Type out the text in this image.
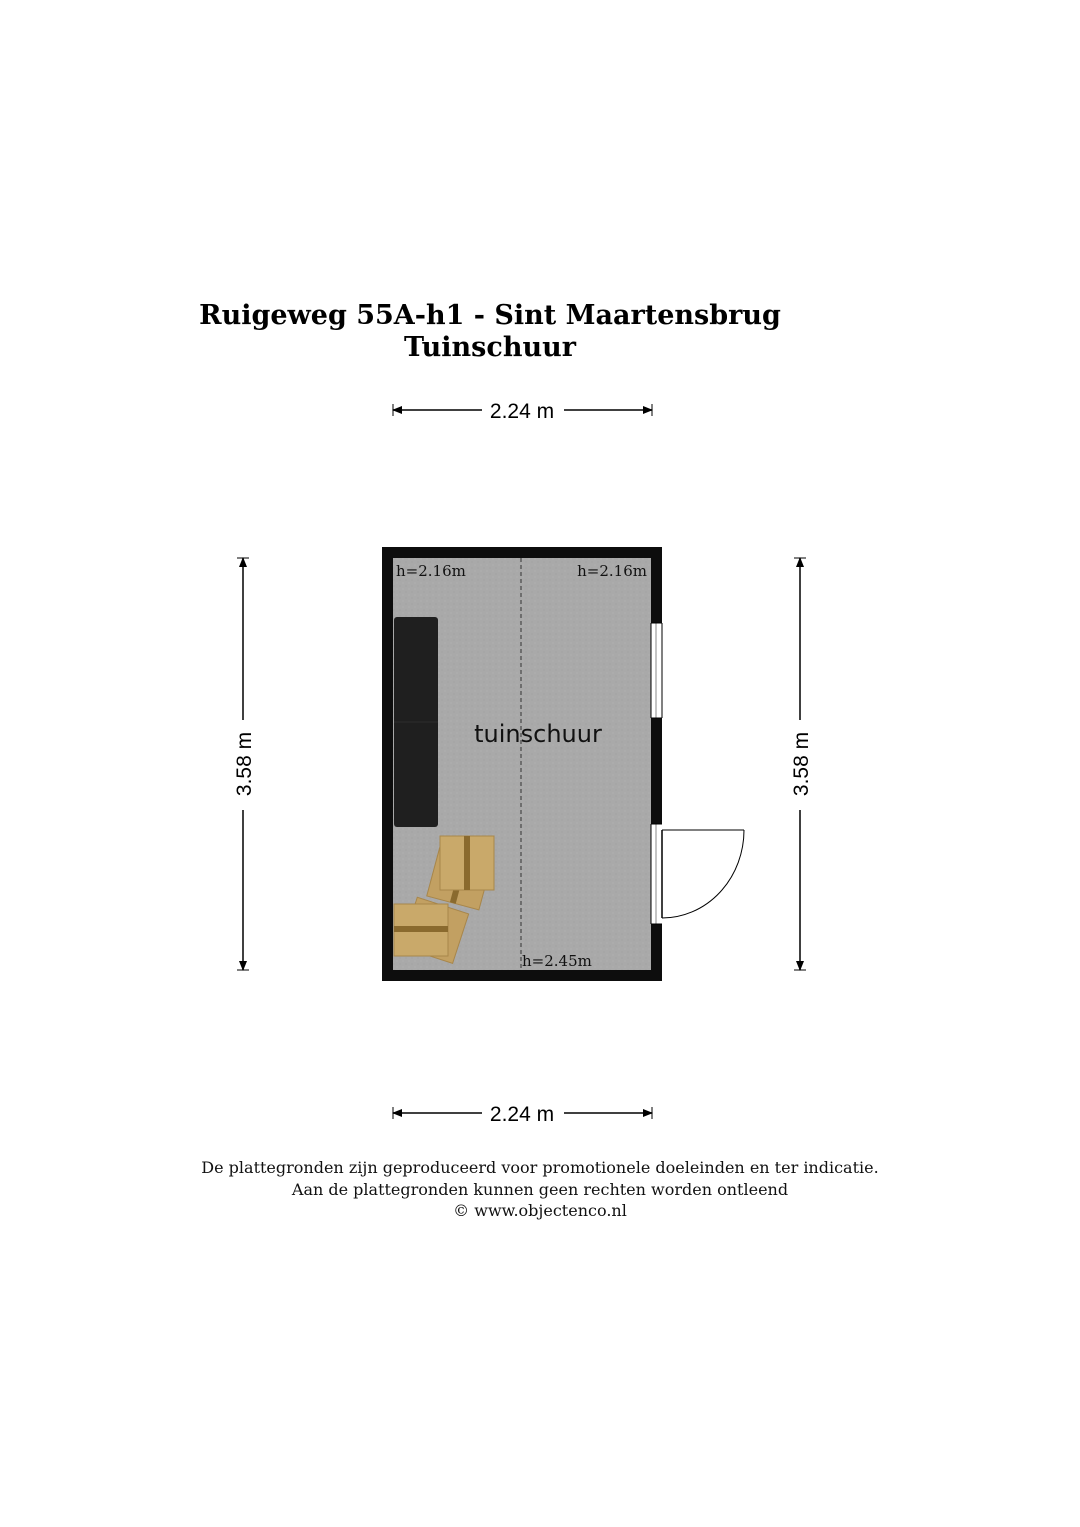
Ruigeweg 55A-h1 - Sint Maartensbrug
Tuinschuur
2.24 m
2.24 m
3.58 m	3.58 m
h=2.16m	h=2.16m
h=2.45m
tuinschuur
De plattegronden zijn geproduceerd voor promotionele doeleinden en ter indicatie.
Aan de plattegronden kunnen geen rechten worden ontleend
© www.objectenco.nl
